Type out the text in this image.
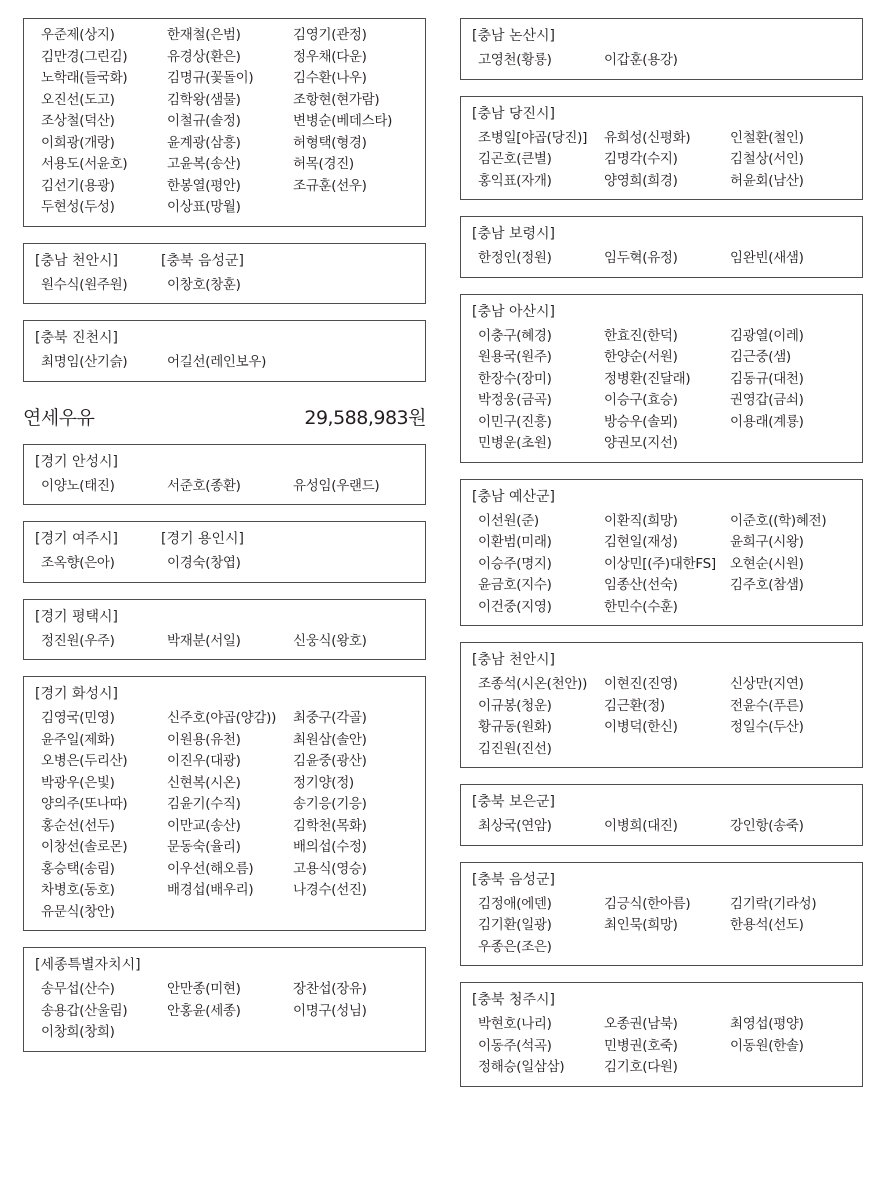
우준제(상지)	한재철(은범)	김영기(관정)
김만경(그린김)	유경상(환은)	정우채(다운)
노학래(들국화)	김명규(꽃돌이)	김수환(나우)
오진선(도고)	김학왕(샘물)	조항현(현가람)
조상철(덕산)	이철규(솔정)	변병순(베데스타)
이희광(개랑)	윤계광(삼흥)	허형택(형경)
서용도(서윤호)	고윤복(송산)	허목(경진)
김선기(용광)	한봉열(평안)	조규훈(선우)
두현성(두성)	이상표(망월)
[충남 천안시]	[충북 음성군]
원수식(원주원)	이창호(창훈)
[충북 진천시]
최명임(산기슭)	어길선(레인보우)
연세우유	29,588,983원
[경기 안성시]
이양노(태진)	서준호(종환)	유성임(우랜드)
[경기 여주시]	[경기 용인시]
조옥향(은아)	이경숙(창엽)
[경기 평택시]
정진원(우주)	박재분(서일)	신웅식(왕호)
[경기 화성시]
김영국(민영)	신주호(야곱(양감))	최중구(각골)
윤주일(제화)	이원용(유천)	최원삼(솔안)
오병은(두리산)	이진우(대광)	김윤중(광산)
박광우(은빛)	신현복(시온)	정기양(정)
양의주(또나따)	김윤기(수직)	송기응(기응)
홍순선(선두)	이만교(송산)	김학천(목화)
이창선(솔로몬)	문동숙(율리)	배의섭(수정)
홍승택(송림)	이우선(해오름)	고용식(영승)
차병호(동호)	배경섭(배우리)	나경수(선진)
유문식(창안)
[세종특별자치시]
송무섭(산수)	안만종(미현)	장찬섭(장유)
송용갑(산울림)	안홍윤(세종)	이명구(성님)
이창희(창희)
[충남 논산시]
고영천(황룡)	이갑훈(용강)
[충남 당진시]
조병일[야곱(당진)]	유희성(신평화)	인철환(철인)
김곤호(큰별)	김명각(수지)	김철상(서인)
홍익표(자개)	양영희(희경)	허윤회(남산)
[충남 보령시]
한정인(정원)	임두혁(유정)	임완빈(새샘)
[충남 아산시]
이충구(혜경)	한효진(한덕)	김광열(이레)
원용국(원주)	한양순(서원)	김근중(샘)
한장수(장미)	정병환(진달래)	김동규(대천)
박정웅(금곡)	이승구(효승)	권영갑(금쇠)
이민구(진흥)	방승우(솔뫼)	이용래(계룡)
민병운(초원)	양권모(지선)
[충남 예산군]
이선원(준)	이환직(희망)	이준호((학)혜전)
이환범(미래)	김현일(재성)	윤희구(시왕)
이승주(명지)	이상민[(주)대한FS]	오현순(시원)
윤금호(지수)	임종산(선숙)	김주호(참샘)
이건중(지영)	한민수(수훈)
[충남 천안시]
조종석(시온(천안))	이현진(진영)	신상만(지연)
이규봉(청운)	김근환(정)	전윤수(푸른)
황규동(원화)	이병덕(한신)	정일수(두산)
김진원(진선)
[충북 보은군]
최상국(연암)	이병희(대진)	강인항(송죽)
[충북 음성군]
김정애(에덴)	김긍식(한아름)	김기락(기라성)
김기환(일광)	최인묵(희망)	한용석(선도)
우종은(조은)
[충북 청주시]
박현호(나리)	오종권(남북)	최영섭(평양)
이동주(석곡)	민병권(호죽)	이동원(한솔)
정해승(일삼삼)	김기호(다원)
